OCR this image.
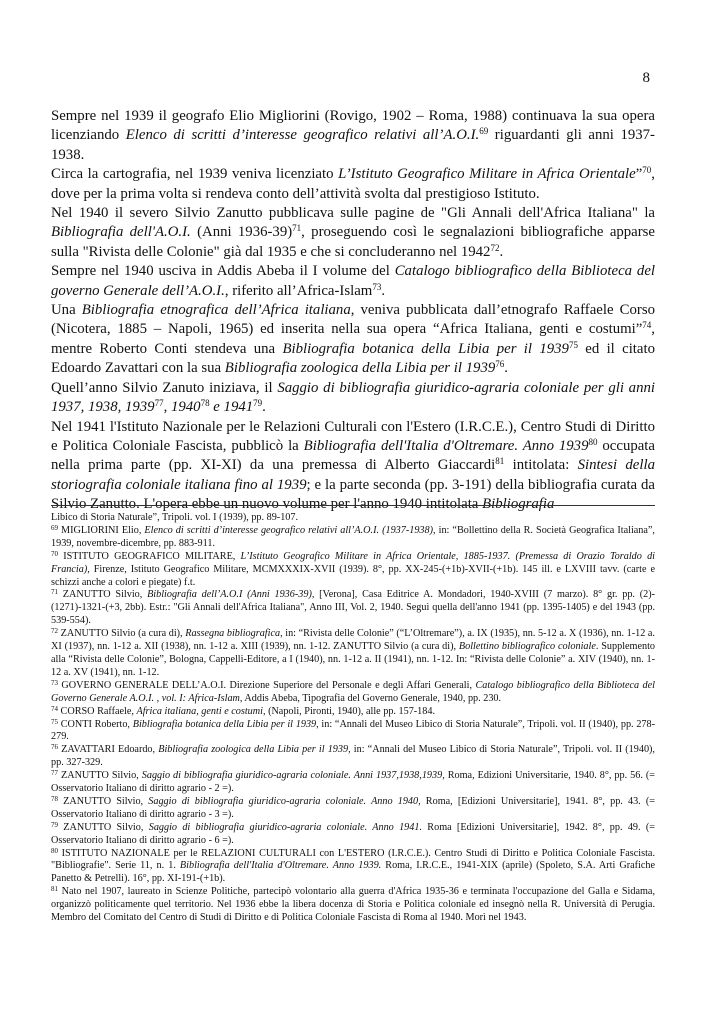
8

Sempre nel 1939 il geografo Elio Migliorini (Rovigo, 1902 – Roma, 1988) continuava la sua opera licenziando Elenco di scritti d’interesse geografico relativi all’A.O.I.$^{69}$ riguardanti gli anni 1937-1938.

Circa la cartografia, nel 1939 veniva licenziato L’Istituto Geografico Militare in Africa Orientale”$^{70}$, dove per la prima volta si rendeva conto dell’attività svolta dal prestigioso Istituto.

Nel 1940 il severo Silvio Zanutto pubblicava sulle pagine de "Gli Annali dell'Africa Italiana" la Bibliografia dell'A.O.I. (Anni 1936-39)$^{71}$, proseguendo così le segnalazioni bibliografiche apparse sulla "Rivista delle Colonie" già dal 1935 e che si concluderanno nel 1942$^{72}$.

Sempre nel 1940 usciva in Addis Abeba il I volume del Catalogo bibliografico della Biblioteca del governo Generale dell’A.O.I., riferito all’Africa-Islam$^{73}$.

Una Bibliografia etnografica dell’Africa italiana, veniva pubblicata dall’etnografo Raffaele Corso (Nicotera, 1885 – Napoli, 1965) ed inserita nella sua opera “Africa Italiana, genti e costumi”$^{74}$, mentre Roberto Conti stendeva una Bibliografia botanica della Libia per il 1939$^{75}$ ed il citato Edoardo Zavattari con la sua Bibliografia zoologica della Libia per il 1939$^{76}$.

Quell’anno Silvio Zanuto iniziava, il Saggio di bibliografia giuridico-agraria coloniale per gli anni 1937, 1938, 1939$^{77}$, 1940$^{78}$ e 1941$^{79}$.

Nel 1941 l'Istituto Nazionale per le Relazioni Culturali con l'Estero (I.R.C.E.), Centro Studi di Diritto e Politica Coloniale Fascista, pubblicò la Bibliografia dell'Italia d'Oltremare. Anno 1939$^{80}$ occupata nella prima parte (pp. XI-XI) da una premessa di Alberto Giaccardi$^{81}$ intitolata: Sintesi della storiografia coloniale italiana fino al 1939; e la parte seconda (pp. 3-191) della bibliografia curata da Silvio Zanutto. L'opera ebbe un nuovo volume per l'anno 1940 intitolata Bibliografia

Libico di Storia Naturale”, Tripoli. vol. I (1939), pp. 89-107.

$^{69}$ MIGLIORINI Elio, Elenco di scritti d’interesse geografico relativi all’A.O.I. (1937-1938), in: “Bollettino della R. Società Geografica Italiana”, 1939, novembre-dicembre, pp. 883-911.

$^{70}$ ISTITUTO GEOGRAFICO MILITARE, L’Istituto Geografico Militare in Africa Orientale, 1885-1937. (Premessa di Orazio Toraldo di Francia), Firenze, Istituto Geografico Militare, MCMXXXIX-XVII (1939). 8°, pp. XX-245-(+1b)-XVII-(+1b). 145 ill. e LXVIII tavv. (carte e schizzi anche a colori e piegate) f.t.

$^{71}$ ZANUTTO Silvio, Bibliografia dell’A.O.I (Anni 1936-39), [Verona], Casa Editrice A. Mondadori, 1940-XVIII (7 marzo). 8° gr. pp. (2)-(1271)-1321-(+3, 2bb). Estr.: "Gli Annali dell'Africa Italiana", Anno III, Vol. 2, 1940. Seguì quella dell'anno 1941 (pp. 1395-1405) e del 1943 (pp. 539-554).

$^{72}$ ZANUTTO Silvio (a cura di), Rassegna bibliografica, in: “Rivista delle Colonie” (“L’Oltremare”), a. IX (1935), nn. 5-12 a. X (1936), nn. 1-12 a. XI (1937), nn. 1-12 a. XII (1938), nn. 1-12 a. XIII (1939), nn. 1-12. ZANUTTO Silvio (a cura di), Bollettino bibliografico coloniale. Supplemento alla “Rivista delle Colonie”, Bologna, Cappelli-Editore, a I (1940), nn. 1-12 a. II (1941), nn. 1-12. In: “Rivista delle Colonie” a. XIV (1940), nn. 1-12 a. XV (1941), nn. 1-12.

$^{73}$ GOVERNO GENERALE DELL’A.O.I. Direzione Superiore del Personale e degli Affari Generali, Catalogo bibliografico della Biblioteca del Governo Generale A.O.I. , vol. I: Africa-Islam, Addis Abeba, Tipografia del Governo Generale, 1940, pp. 230.

$^{74}$ CORSO Raffaele, Africa italiana, genti e costumi, (Napoli, Pironti, 1940), alle pp. 157-184.

$^{75}$ CONTI Roberto, Bibliografia botanica della Libia per il 1939, in: “Annali del Museo Libico di Storia Naturale”, Tripoli. vol. II (1940), pp. 278-279.

$^{76}$ ZAVATTARI Edoardo, Bibliografia zoologica della Libia per il 1939, in: “Annali del Museo Libico di Storia Naturale”, Tripoli. vol. II (1940), pp. 327-329.

$^{77}$ ZANUTTO Silvio, Saggio di bibliografia giuridico-agraria coloniale. Anni 1937,1938,1939, Roma, Edizioni Universitarie, 1940. 8°, pp. 56. (= Osservatorio Italiano di diritto agrario - 2 =).

$^{78}$ ZANUTTO Silvio, Saggio di bibliografia giuridico-agraria coloniale. Anno 1940, Roma, [Edizioni Universitarie], 1941. 8°, pp. 43. (= Osservatorio Italiano di diritto agrario - 3 =).

$^{79}$ ZANUTTO Silvio, Saggio di bibliografia giuridico-agraria coloniale. Anno 1941. Roma [Edizioni Universitarie], 1942. 8°, pp. 49. (= Osservatorio Italiano di diritto agrario - 6 =).

$^{80}$ ISTITUTO NAZIONALE per le RELAZIONI CULTURALI con L'ESTERO (I.R.C.E.). Centro Studi di Diritto e Politica Coloniale Fascista. "Bibliografie". Serie 11, n. 1. Bibliografia dell'Italia d'Oltremare. Anno 1939. Roma, I.R.C.E., 1941-XIX (aprile) (Spoleto, S.A. Arti Grafiche Panetto & Petrelli). 16°, pp. XI-191-(+1b).

$^{81}$ Nato nel 1907, laureato in Scienze Politiche, partecipò volontario alla guerra d'Africa 1935-36 e terminata l'occupazione del Galla e Sidama, organizzò politicamente quel territorio. Nel 1936 ebbe la libera docenza di Storia e Politica coloniale ed insegnò nella R. Università di Perugia. Membro del Comitato del Centro di Studi di Diritto e di Politica Coloniale Fascista di Roma al 1940. Morì nel 1943.
